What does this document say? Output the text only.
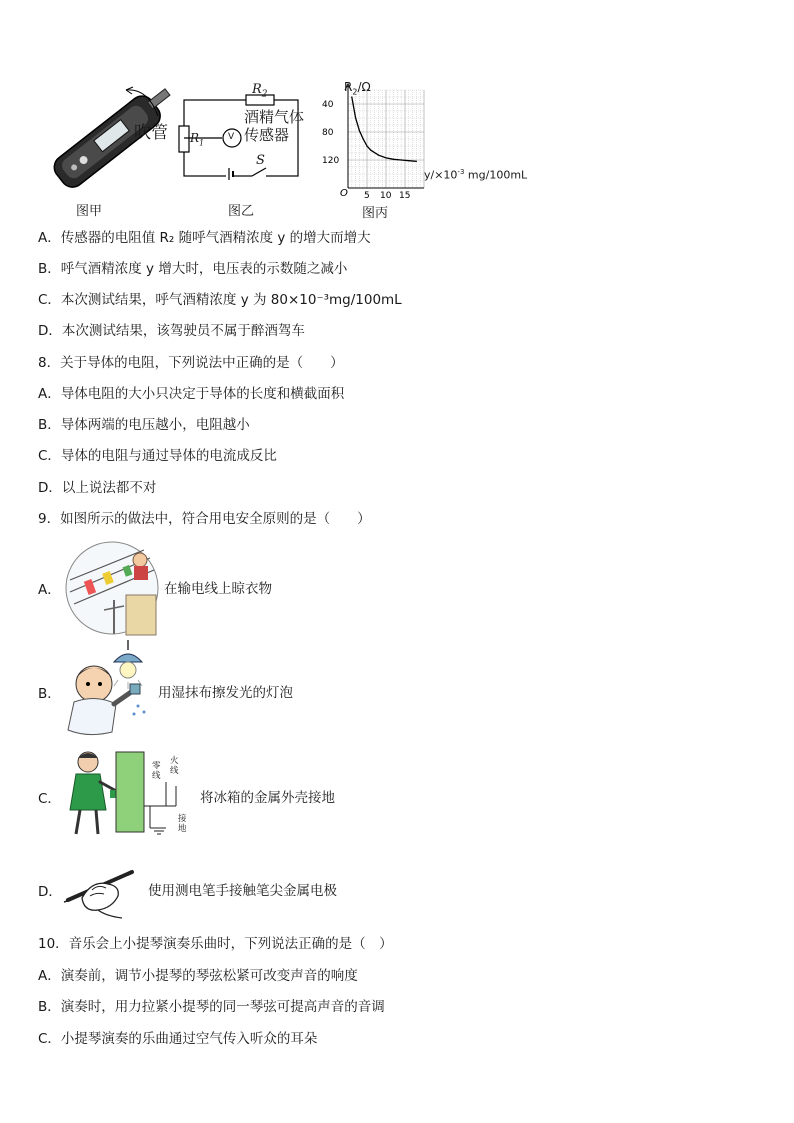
吹管
图甲
$R_2$
$R_1$
V
酒精气体
传感器
S
图乙
120
80
40
5 10 15
O
$R_2/\Omega$
$y/\times 10^{-3}$ mg/100mL
图丙
A．传感器的电阻值 R₂ 随呼气酒精浓度 y 的增大而增大
B．呼气酒精浓度 y 增大时，电压表的示数随之减小
C．本次测试结果，呼气酒精浓度 y 为 80×10⁻³mg/100mL
D．本次测试结果，该驾驶员不属于醉酒驾车
8．关于导体的电阻，下列说法中正确的是（　　）
A．导体电阻的大小只决定于导体的长度和横截面积
B．导体两端的电压越小，电阻越小
C．导体的电阻与通过导体的电流成反比
D．以上说法都不对
9．如图所示的做法中，符合用电安全原则的是（　　）
A．	在输电线上晾衣物
B．	用湿抹布擦发光的灯泡
C．
零
线
火
线
接
地
将冰箱的金属外壳接地
D．	使用测电笔手接触笔尖金属电极
10．音乐会上小提琴演奏乐曲时，下列说法正确的是（　）
A．演奏前，调节小提琴的琴弦松紧可改变声音的响度
B．演奏时，用力拉紧小提琴的同一琴弦可提高声音的音调
C．小提琴演奏的乐曲通过空气传入听众的耳朵
